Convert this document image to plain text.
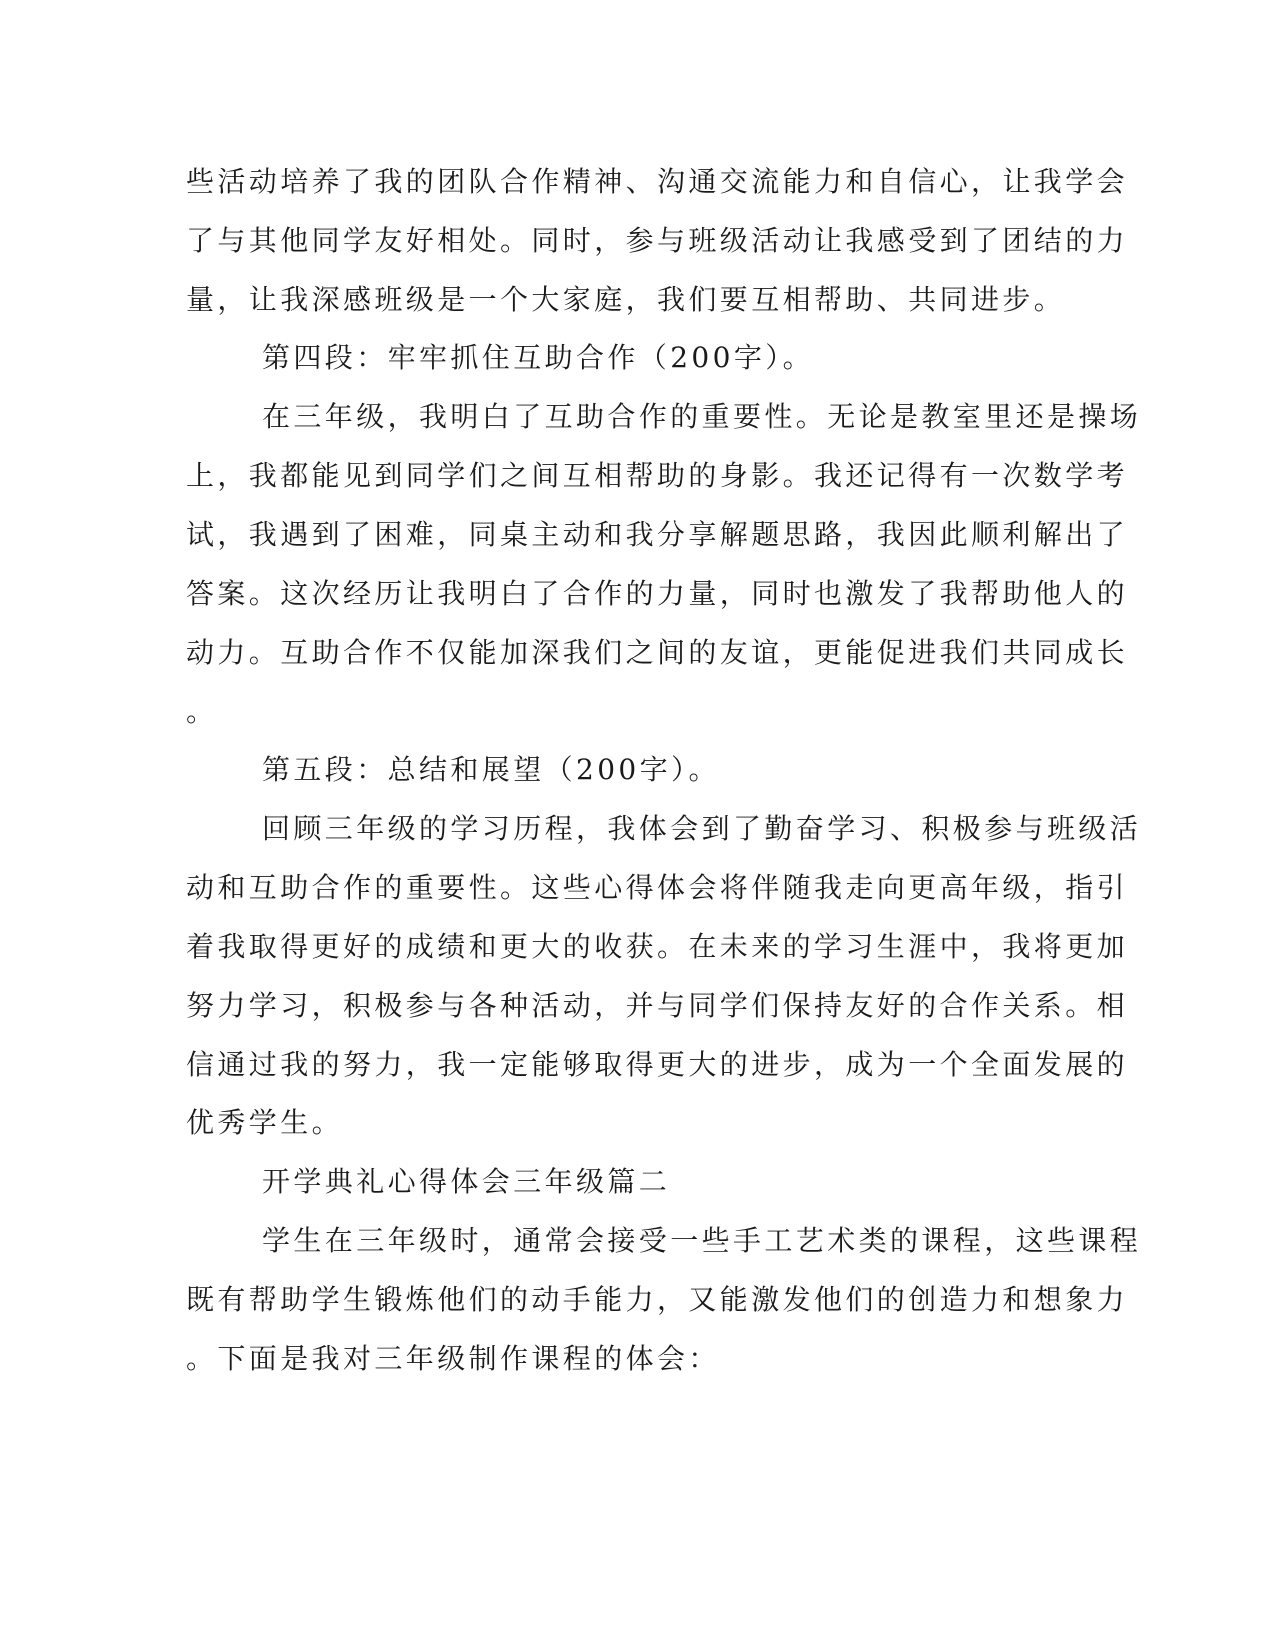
些活动培养了我的团队合作精神、沟通交流能力和自信心，让我学会
了与其他同学友好相处。同时，参与班级活动让我感受到了团结的力
量，让我深感班级是一个大家庭，我们要互相帮助、共同进步。
第四段：牢牢抓住互助合作（200字）。
在三年级，我明白了互助合作的重要性。无论是教室里还是操场
上，我都能见到同学们之间互相帮助的身影。我还记得有一次数学考
试，我遇到了困难，同桌主动和我分享解题思路，我因此顺利解出了
答案。这次经历让我明白了合作的力量，同时也激发了我帮助他人的
动力。互助合作不仅能加深我们之间的友谊，更能促进我们共同成长
。
第五段：总结和展望（200字）。
回顾三年级的学习历程，我体会到了勤奋学习、积极参与班级活
动和互助合作的重要性。这些心得体会将伴随我走向更高年级，指引
着我取得更好的成绩和更大的收获。在未来的学习生涯中，我将更加
努力学习，积极参与各种活动，并与同学们保持友好的合作关系。相
信通过我的努力，我一定能够取得更大的进步，成为一个全面发展的
优秀学生。
开学典礼心得体会三年级篇二
学生在三年级时，通常会接受一些手工艺术类的课程，这些课程
既有帮助学生锻炼他们的动手能力，又能激发他们的创造力和想象力
。下面是我对三年级制作课程的体会：
